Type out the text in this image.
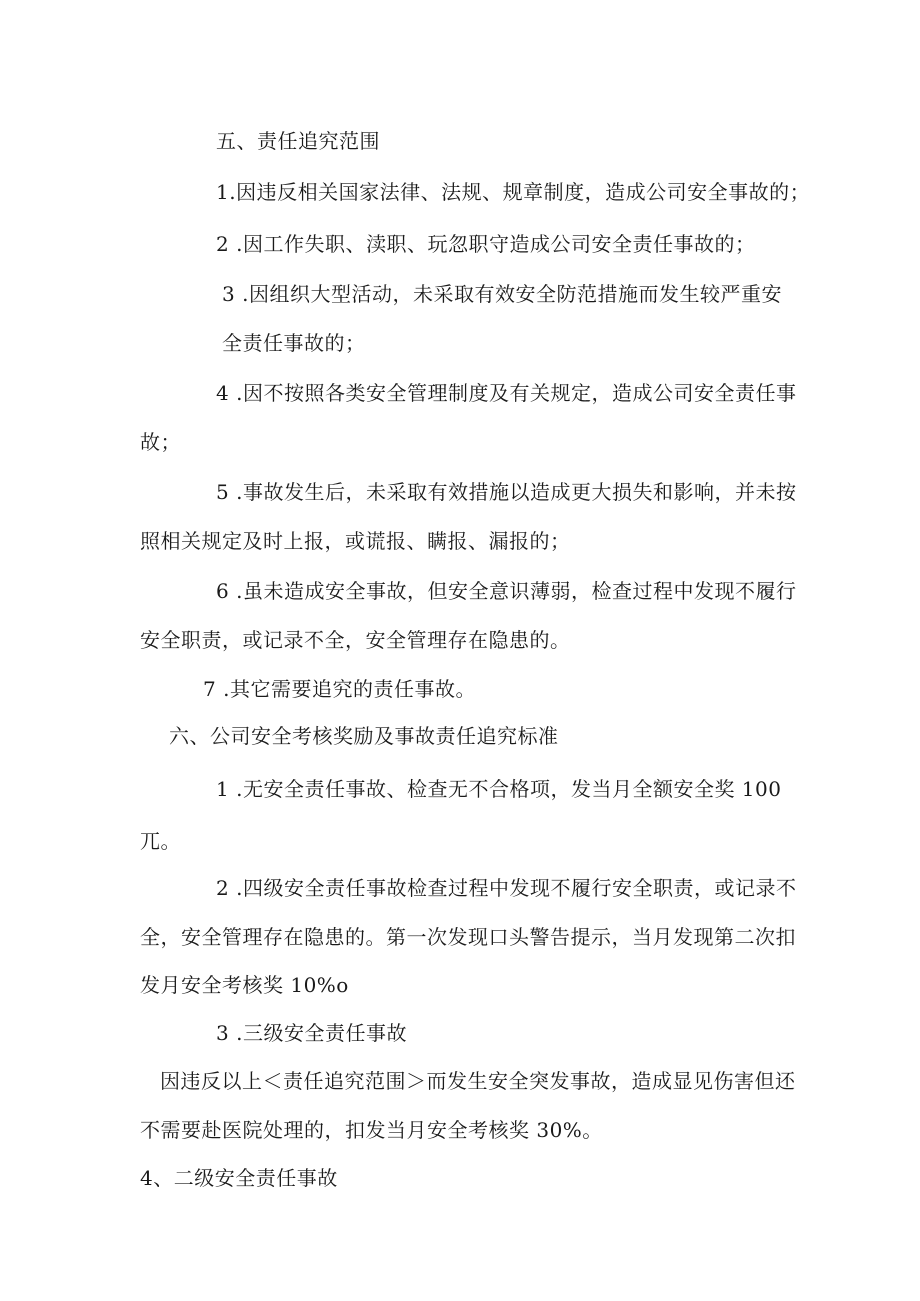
五、责任追究范围
1.因违反相关国家法律、法规、规章制度，造成公司安全事故的；
2 .因工作失职、渎职、玩忽职守造成公司安全责任事故的；
3 .因组织大型活动，未采取有效安全防范措施而发生较严重安
全责任事故的；
4 .因不按照各类安全管理制度及有关规定，造成公司安全责任事
故；
5 .事故发生后，未采取有效措施以造成更大损失和影响，并未按
照相关规定及时上报，或谎报、瞒报、漏报的；
6 .虽未造成安全事故，但安全意识薄弱，检查过程中发现不履行
安全职责，或记录不全，安全管理存在隐患的。
7 .其它需要追究的责任事故。
六、公司安全考核奖励及事故责任追究标准
1 .无安全责任事故、检查无不合格项，发当月全额安全奖 100
兀。
2 .四级安全责任事故检查过程中发现不履行安全职责，或记录不
全，安全管理存在隐患的。第一次发现口头警告提示，当月发现第二次扣
发月安全考核奖 10%o
3 .三级安全责任事故
因违反以上＜责任追究范围＞而发生安全突发事故，造成显见伤害但还
不需要赴医院处理的，扣发当月安全考核奖 30%。
4、二级安全责任事故
